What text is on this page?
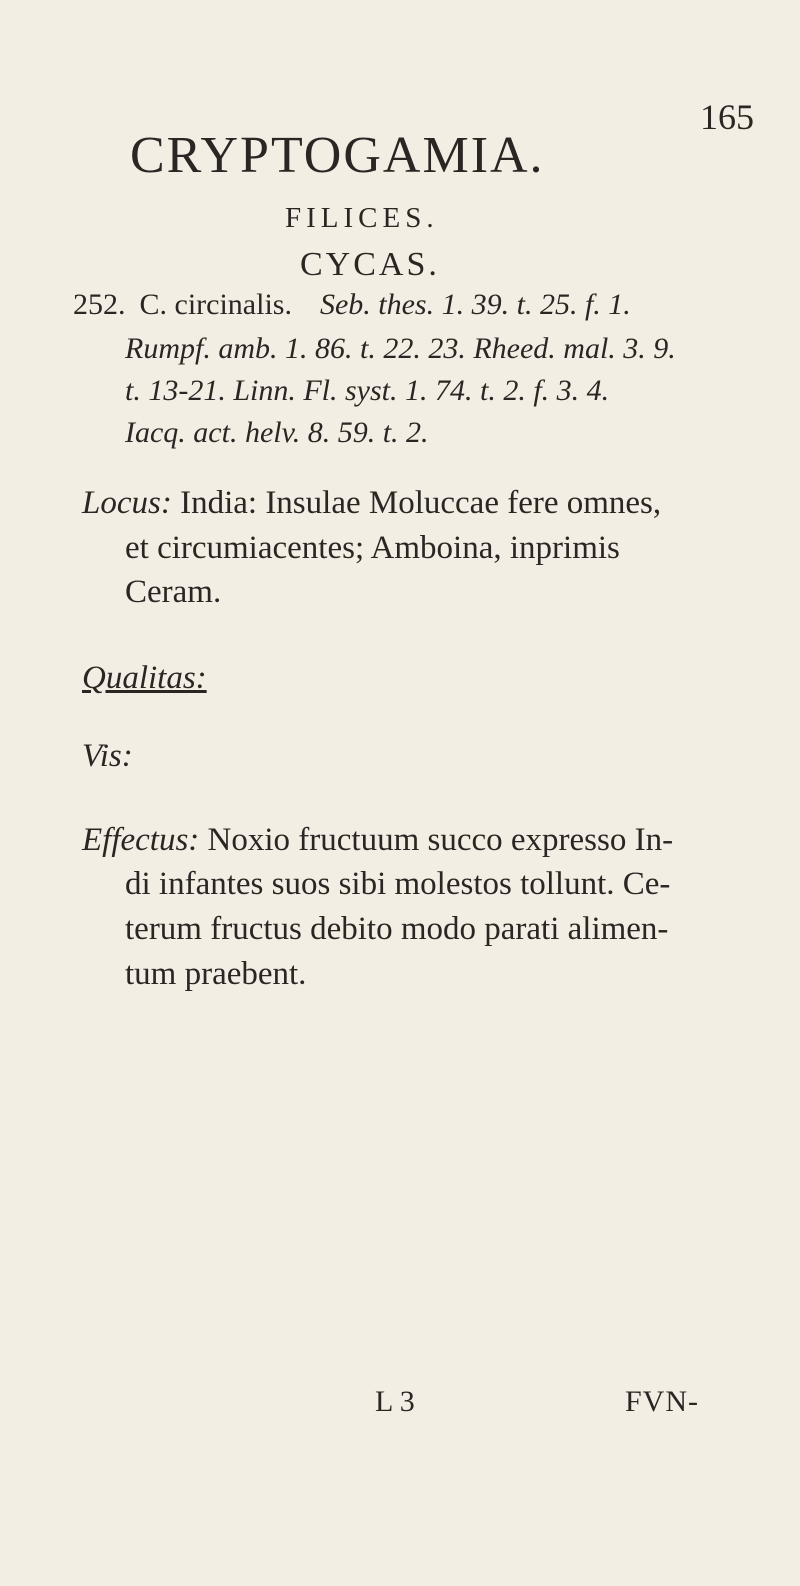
165
CRYPTOGAMIA.
FILICES.
CYCAS.
252. C. circinalis. Seb. thes. 1. 39. t. 25. f. 1.
Rumpf. amb. 1. 86. t. 22. 23. Rheed. mal. 3. 9.
t. 13-21. Linn. Fl. syst. 1. 74. t. 2. f. 3. 4.
Iacq. act. helv. 8. 59. t. 2.
Locus: India: Insulae Moluccae fere omnes,
et circumiacentes; Amboina, inprimis
Ceram.
Qualitas:
Vis:
Effectus: Noxio fructuum succo expresso In-
di infantes suos sibi molestos tollunt. Ce-
terum fructus debito modo parati alimen-
tum praebent.
L 3	FVN-
